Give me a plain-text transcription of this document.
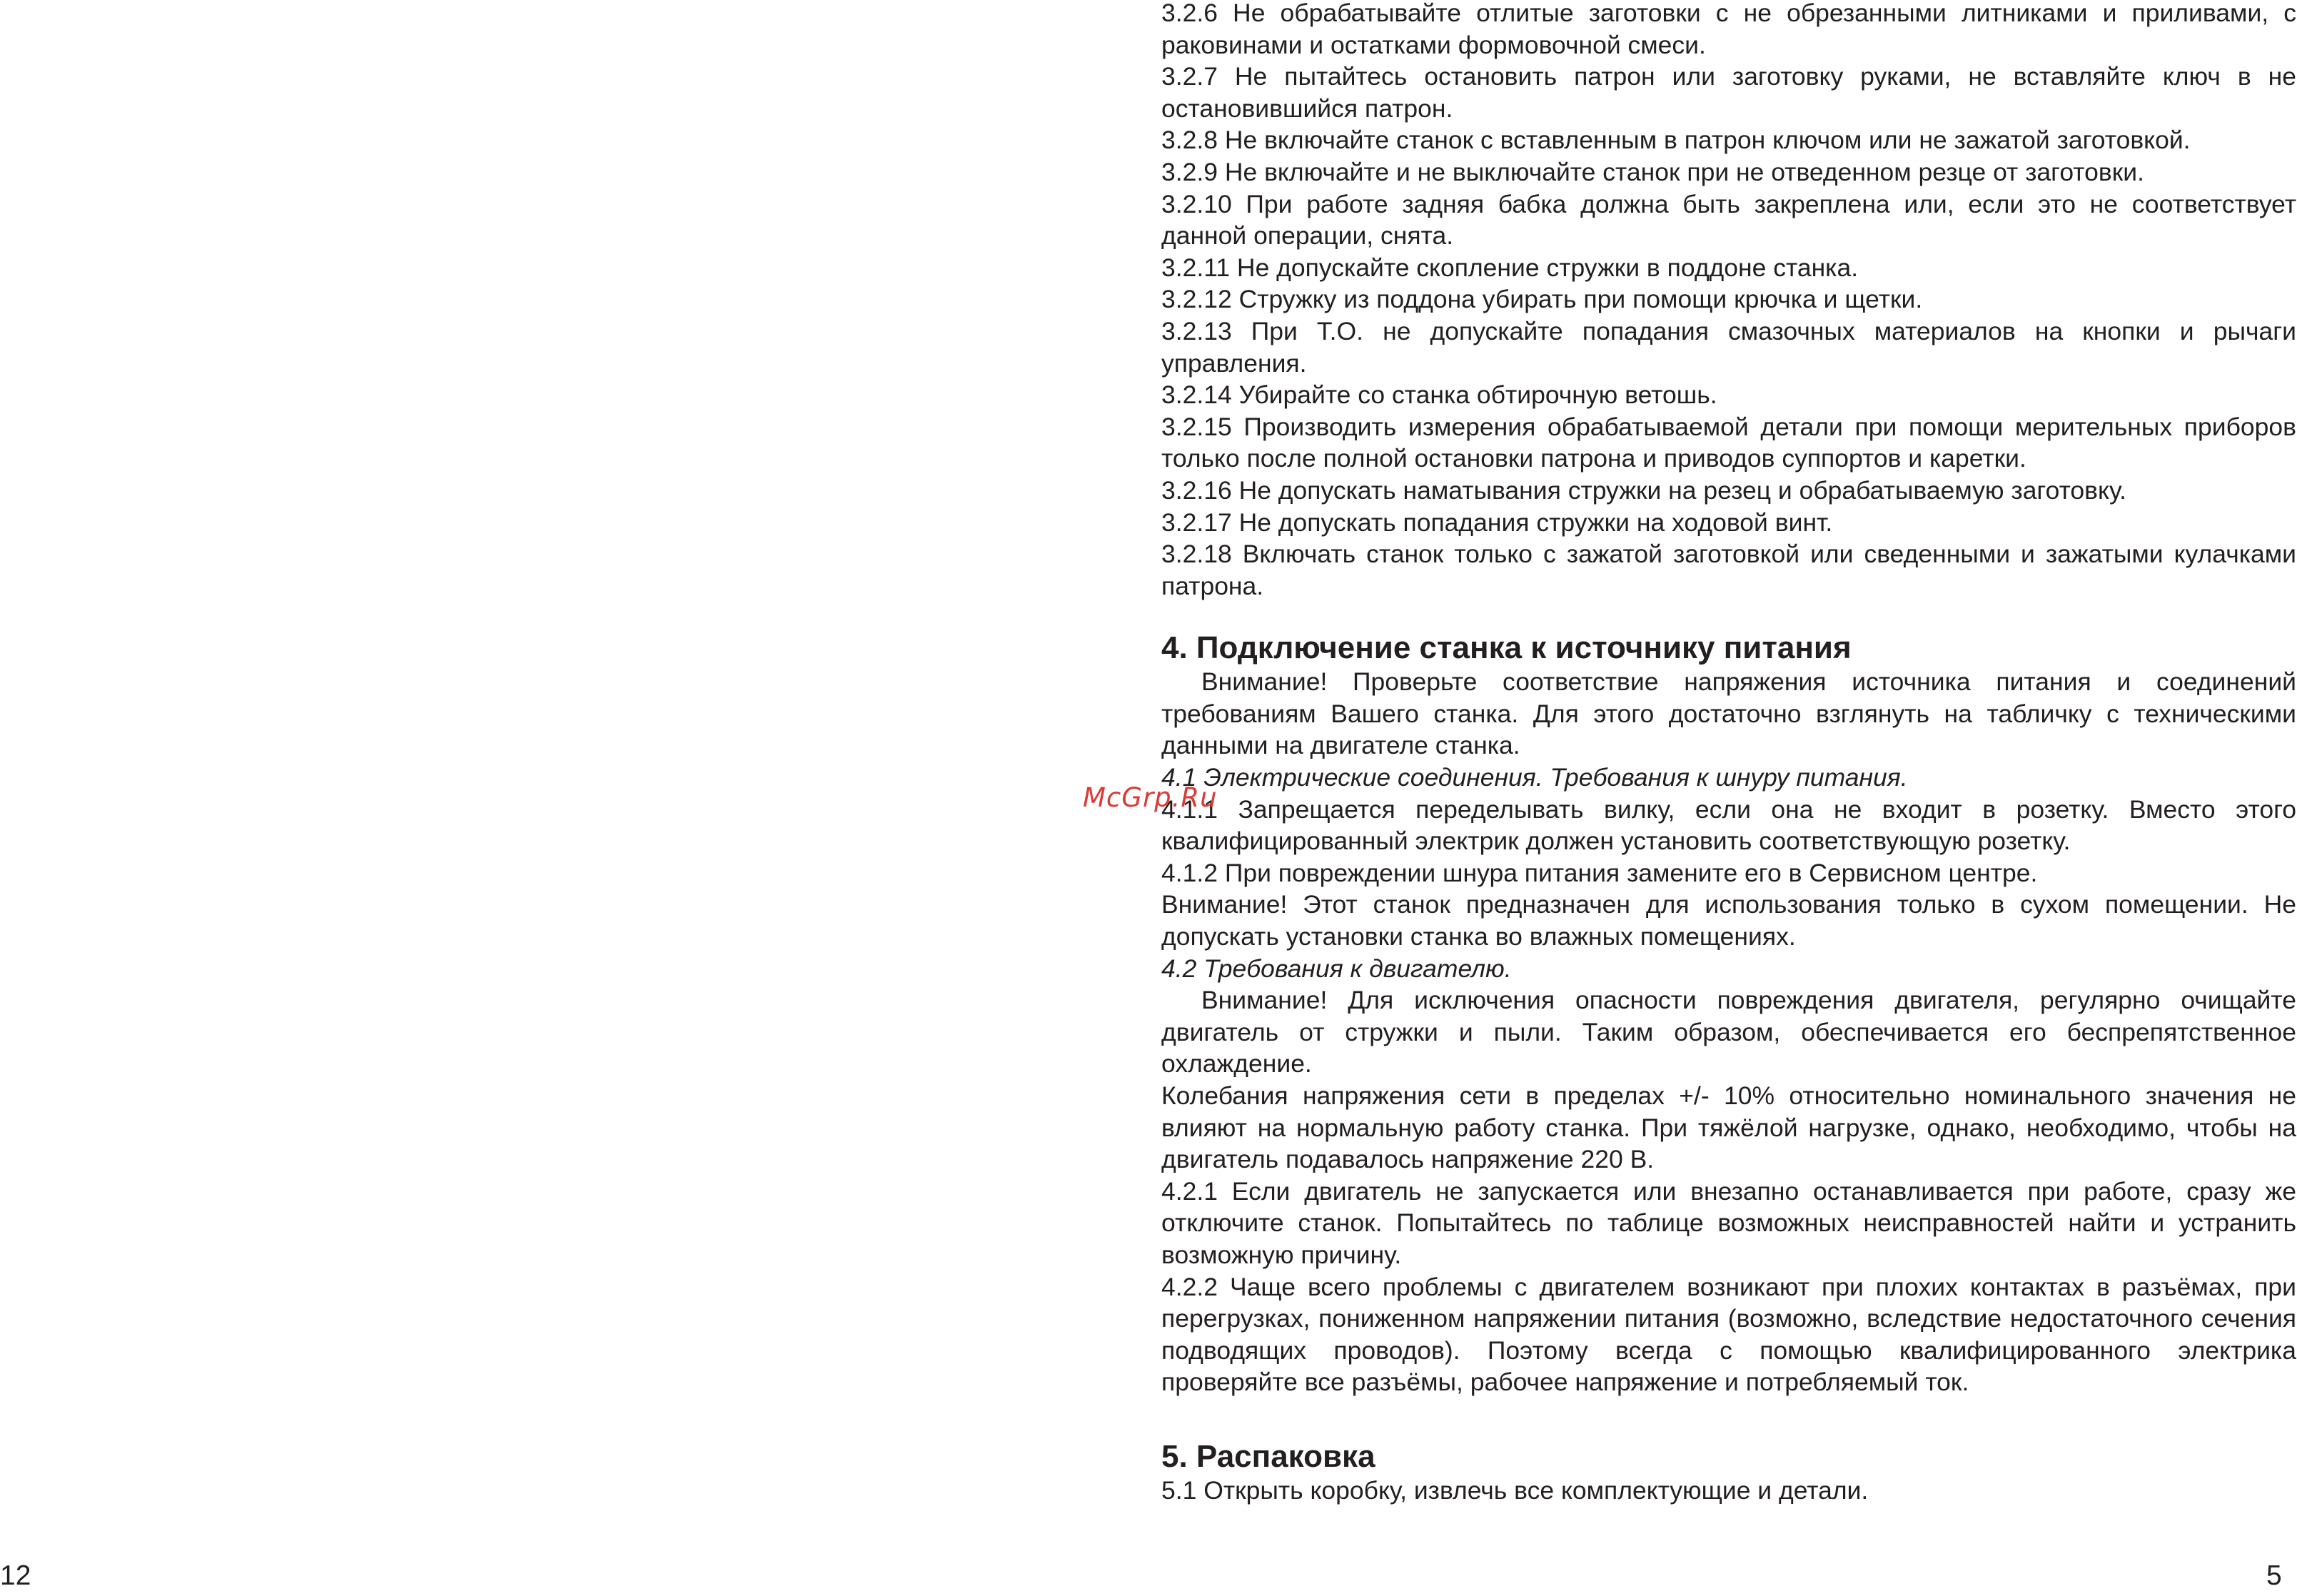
3.2.6 Не обрабатывайте отлитые заготовки с не обрезанными литниками и приливами, с раковинами и остатками формовочной смеси.

3.2.7 Не пытайтесь остановить патрон или заготовку руками, не вставляйте ключ в не остановившийся патрон.

3.2.8 Не включайте станок с вставленным в патрон ключом или не зажатой заготовкой.

3.2.9 Не включайте и не выключайте станок при не отведенном резце от заготовки.

3.2.10 При работе задняя бабка должна быть закреплена или, если это не соответствует данной операции, снята.

3.2.11 Не допускайте скопление стружки в поддоне станка.

3.2.12 Стружку из поддона убирать при помощи крючка и щетки.

3.2.13 При Т.О. не допускайте попадания смазочных материалов на кнопки и рычаги управления.

3.2.14 Убирайте со станка обтирочную ветошь.

3.2.15 Производить измерения обрабатываемой детали при помощи мерительных приборов только после полной остановки патрона и приводов суппортов и каретки.

3.2.16 Не допускать наматывания стружки на резец и обрабатываемую заготовку.

3.2.17 Не допускать попадания стружки на ходовой винт.

3.2.18 Включать станок только с зажатой заготовкой или сведенными и зажатыми кулачками патрона.

4. Подключение станка к источнику питания

Внимание! Проверьте соответствие напряжения источника питания и соединений требованиям Вашего станка. Для этого достаточно взглянуть на табличку с техническими данными на двигателе станка.

4.1 Электрические соединения. Требования к шнуру питания.

4.1.1 Запрещается переделывать вилку, если она не входит в розетку. Вместо этого квалифицированный электрик должен установить соответствующую розетку.

4.1.2 При повреждении шнура питания замените его в Сервисном центре.

Внимание! Этот станок предназначен для использования только в сухом помещении. Не допускать установки станка во влажных помещениях.

4.2 Требования к двигателю.

Внимание! Для исключения опасности повреждения двигателя, регулярно очищайте двигатель от стружки и пыли. Таким образом, обеспечивается его беспрепятственное охлаждение.

Колебания напряжения сети в пределах +/- 10% относительно номинального значения не влияют на нормальную работу станка. При тяжёлой нагрузке, однако, необходимо, чтобы на двигатель подавалось напряжение 220 В.

4.2.1 Если двигатель не запускается или внезапно останавливается при работе, сразу же отключите станок. Попытайтесь по таблице возможных неисправностей найти и устранить возможную причину.

4.2.2 Чаще всего проблемы с двигателем возникают при плохих контактах в разъёмах, при перегрузках, пониженном напряжении питания (возможно, вследствие недостаточного сечения подводящих проводов). Поэтому всегда с помощью квалифицированного электрика проверяйте все разъёмы, рабочее напряжение и потребляемый ток.

5. Распаковка

5.1 Открыть коробку, извлечь все комплектующие и детали.

12	5
McGrp.Ru
